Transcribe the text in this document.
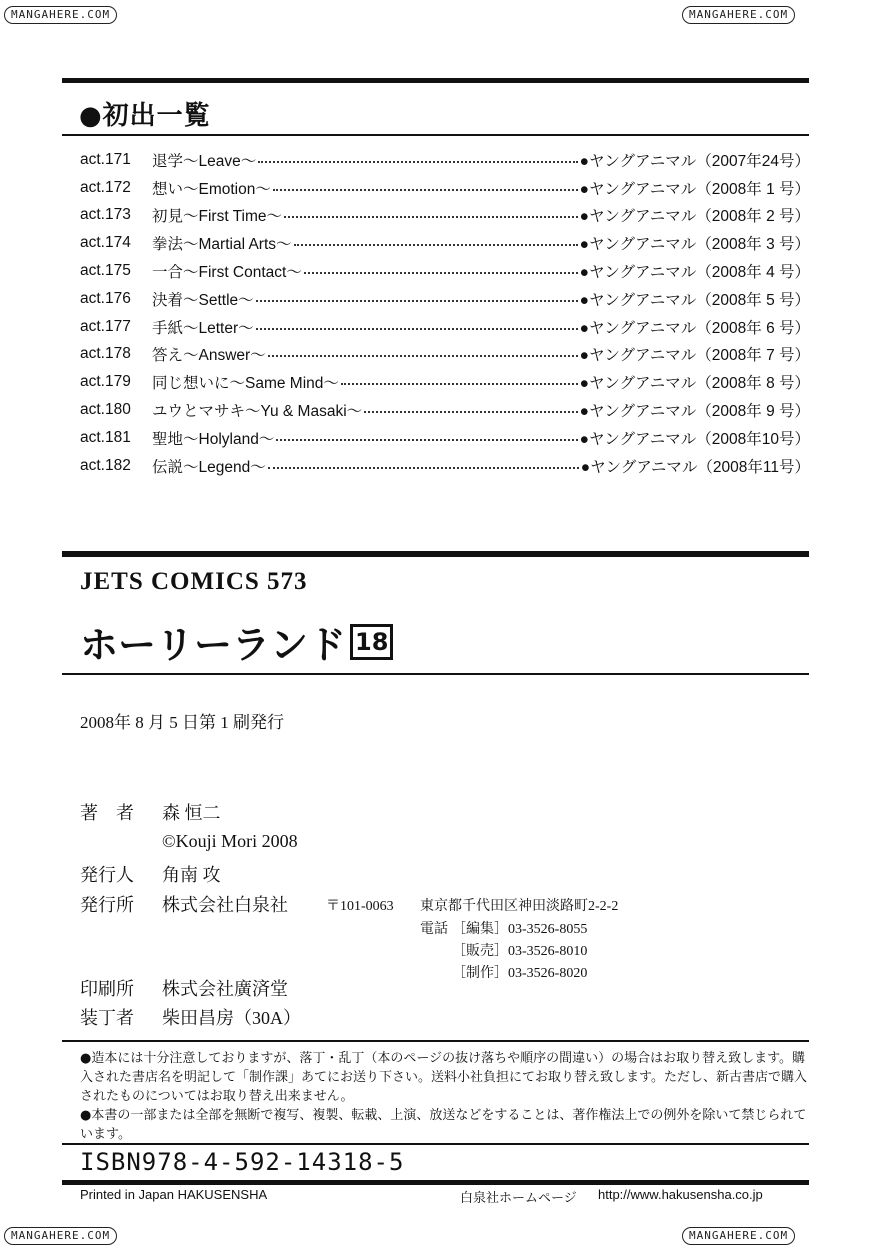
MANGAHERE.COM	MANGAHERE.COM
MANGAHERE.COM	MANGAHERE.COM
●初出一覧
act.171	退学〜Leave〜	●ヤングアニマル（2007年24号）
act.172	想い〜Emotion〜	●ヤングアニマル（2008年 1 号）
act.173	初見〜First Time〜	●ヤングアニマル（2008年 2 号）
act.174	拳法〜Martial Arts〜	●ヤングアニマル（2008年 3 号）
act.175	一合〜First Contact〜	●ヤングアニマル（2008年 4 号）
act.176	決着〜Settle〜	●ヤングアニマル（2008年 5 号）
act.177	手紙〜Letter〜	●ヤングアニマル（2008年 6 号）
act.178	答え〜Answer〜	●ヤングアニマル（2008年 7 号）
act.179	同じ想いに〜Same Mind〜	●ヤングアニマル（2008年 8 号）
act.180	ユウとマサキ〜Yu & Masaki〜	●ヤングアニマル（2008年 9 号）
act.181	聖地〜Holyland〜	●ヤングアニマル（2008年10号）
act.182	伝説〜Legend〜	●ヤングアニマル（2008年11号）
JETS COMICS 573
ホーリーランド 18
2008年 8 月 5 日第 1 刷発行
著　者 森 恒二
©Kouji Mori 2008
発行人 角南 攻
発行所 株式会社白泉社	〒101-0063 東京都千代田区神田淡路町2-2-2
電話 ［編集］03-3526-8055
［販売］03-3526-8010
［制作］03-3526-8020
印刷所 株式会社廣済堂
装丁者 柴田昌房（30A）
●造本には十分注意しておりますが、落丁・乱丁（本のページの抜け落ちや順序の間違い）の場合はお取り替え致します。購入された書店名を明記して「制作課」あてにお送り下さい。送料小社負担にてお取り替え致します。ただし、新古書店で購入されたものについてはお取り替え出来ません。
●本書の一部または全部を無断で複写、複製、転載、上演、放送などをすることは、著作権法上での例外を除いて禁じられています。
ISBN978-4-592-14318-5
Printed in Japan HAKUSENSHA	白泉社ホームページ http://www.hakusensha.co.jp
